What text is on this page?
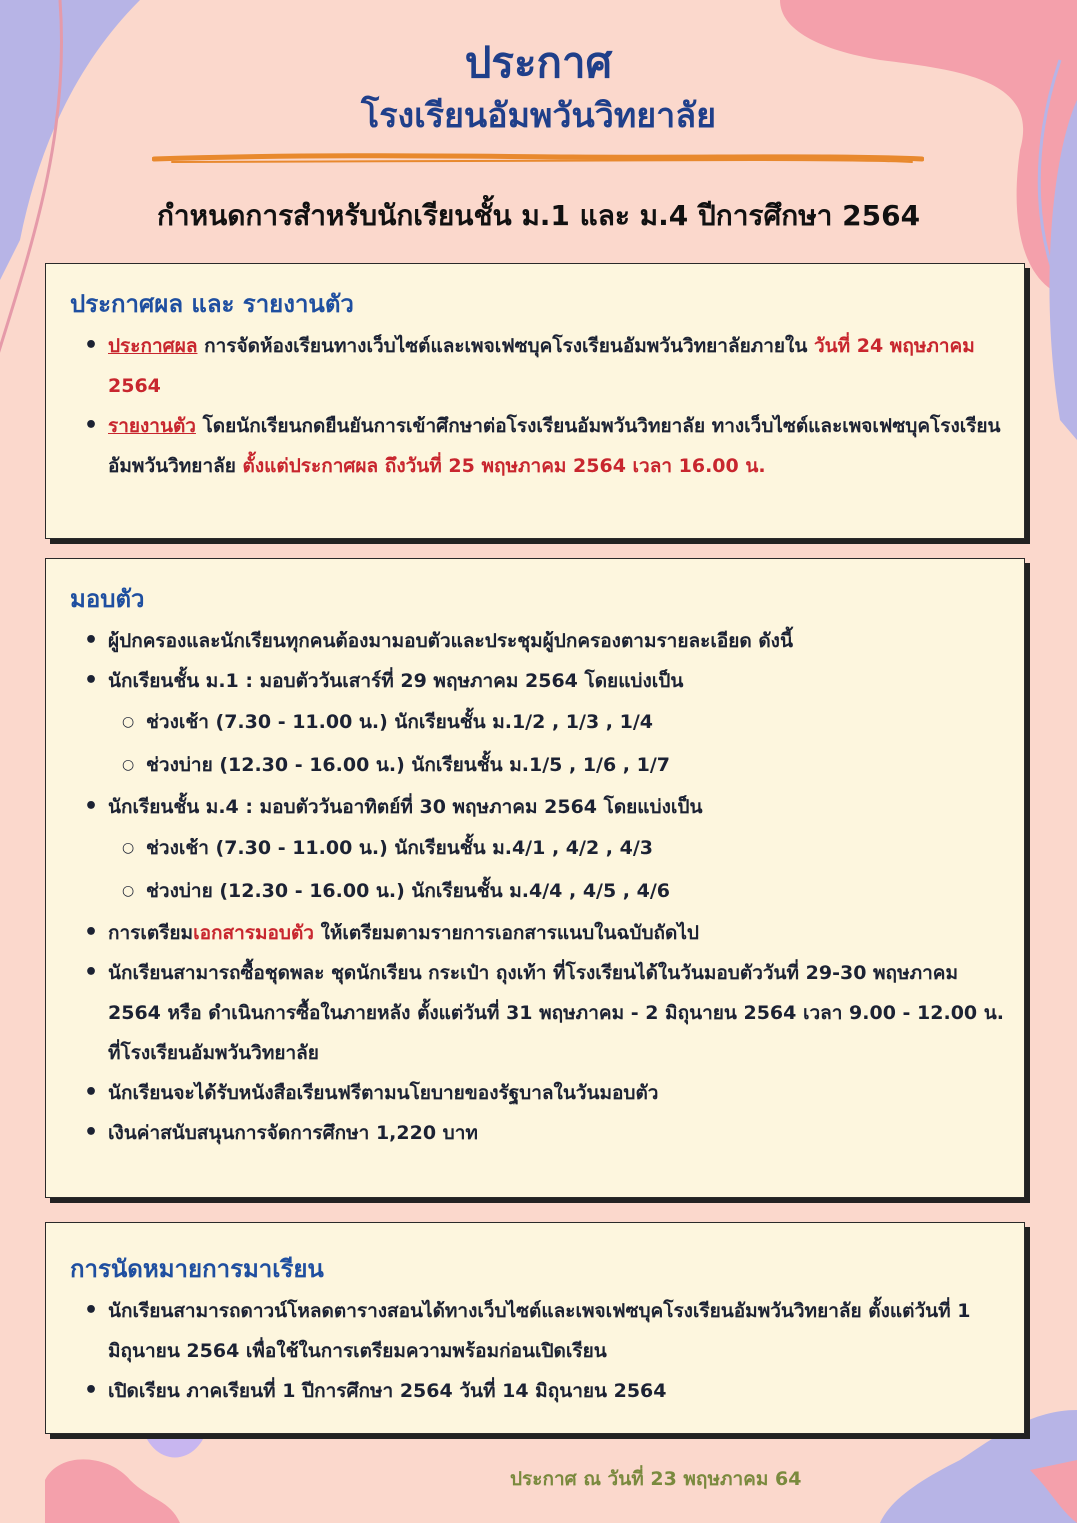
ประกาศ
โรงเรียนอัมพวันวิทยาลัย
กำหนดการสำหรับนักเรียนชั้น ม.1 และ ม.4 ปีการศึกษา 2564
ประกาศผล และ รายงานตัว
• ประกาศผล การจัดห้องเรียนทางเว็บไซต์และเพจเฟซบุคโรงเรียนอัมพวันวิทยาลัยภายใน วันที่ 24 พฤษภาคม 2564
• รายงานตัว โดยนักเรียนกดยืนยันการเข้าศึกษาต่อโรงเรียนอัมพวันวิทยาลัย ทางเว็บไซต์และเพจเฟซบุคโรงเรียนอัมพวันวิทยาลัย ตั้งแต่ประกาศผล ถึงวันที่ 25 พฤษภาคม 2564 เวลา 16.00 น.
มอบตัว
• ผู้ปกครองและนักเรียนทุกคนต้องมามอบตัวและประชุมผู้ปกครองตามรายละเอียด ดังนี้
• นักเรียนชั้น ม.1 : มอบตัววันเสาร์ที่ 29 พฤษภาคม 2564 โดยแบ่งเป็น
○ ช่วงเช้า (7.30 - 11.00 น.) นักเรียนชั้น ม.1/2 , 1/3 , 1/4
○ ช่วงบ่าย (12.30 - 16.00 น.) นักเรียนชั้น ม.1/5 , 1/6 , 1/7
• นักเรียนชั้น ม.4 : มอบตัววันอาทิตย์ที่ 30 พฤษภาคม 2564 โดยแบ่งเป็น
○ ช่วงเช้า (7.30 - 11.00 น.) นักเรียนชั้น ม.4/1 , 4/2 , 4/3
○ ช่วงบ่าย (12.30 - 16.00 น.) นักเรียนชั้น ม.4/4 , 4/5 , 4/6
• การเตรียมเอกสารมอบตัว ให้เตรียมตามรายการเอกสารแนบในฉบับถัดไป
• นักเรียนสามารถซื้อชุดพละ ชุดนักเรียน กระเป๋า ถุงเท้า ที่โรงเรียนได้ในวันมอบตัววันที่ 29-30 พฤษภาคม 2564 หรือ ดำเนินการซื้อในภายหลัง ตั้งแต่วันที่ 31 พฤษภาคม - 2 มิถุนายน 2564 เวลา 9.00 - 12.00 น. ที่โรงเรียนอัมพวันวิทยาลัย
• นักเรียนจะได้รับหนังสือเรียนฟรีตามนโยบายของรัฐบาลในวันมอบตัว
• เงินค่าสนับสนุนการจัดการศึกษา 1,220 บาท
การนัดหมายการมาเรียน
• นักเรียนสามารถดาวน์โหลดตารางสอนได้ทางเว็บไซต์และเพจเฟซบุคโรงเรียนอัมพวันวิทยาลัย ตั้งแต่วันที่ 1 มิถุนายน 2564 เพื่อใช้ในการเตรียมความพร้อมก่อนเปิดเรียน
• เปิดเรียน ภาคเรียนที่ 1 ปีการศึกษา 2564 วันที่ 14 มิถุนายน 2564

ประกาศ ณ วันที่ 23 พฤษภาคม 64
